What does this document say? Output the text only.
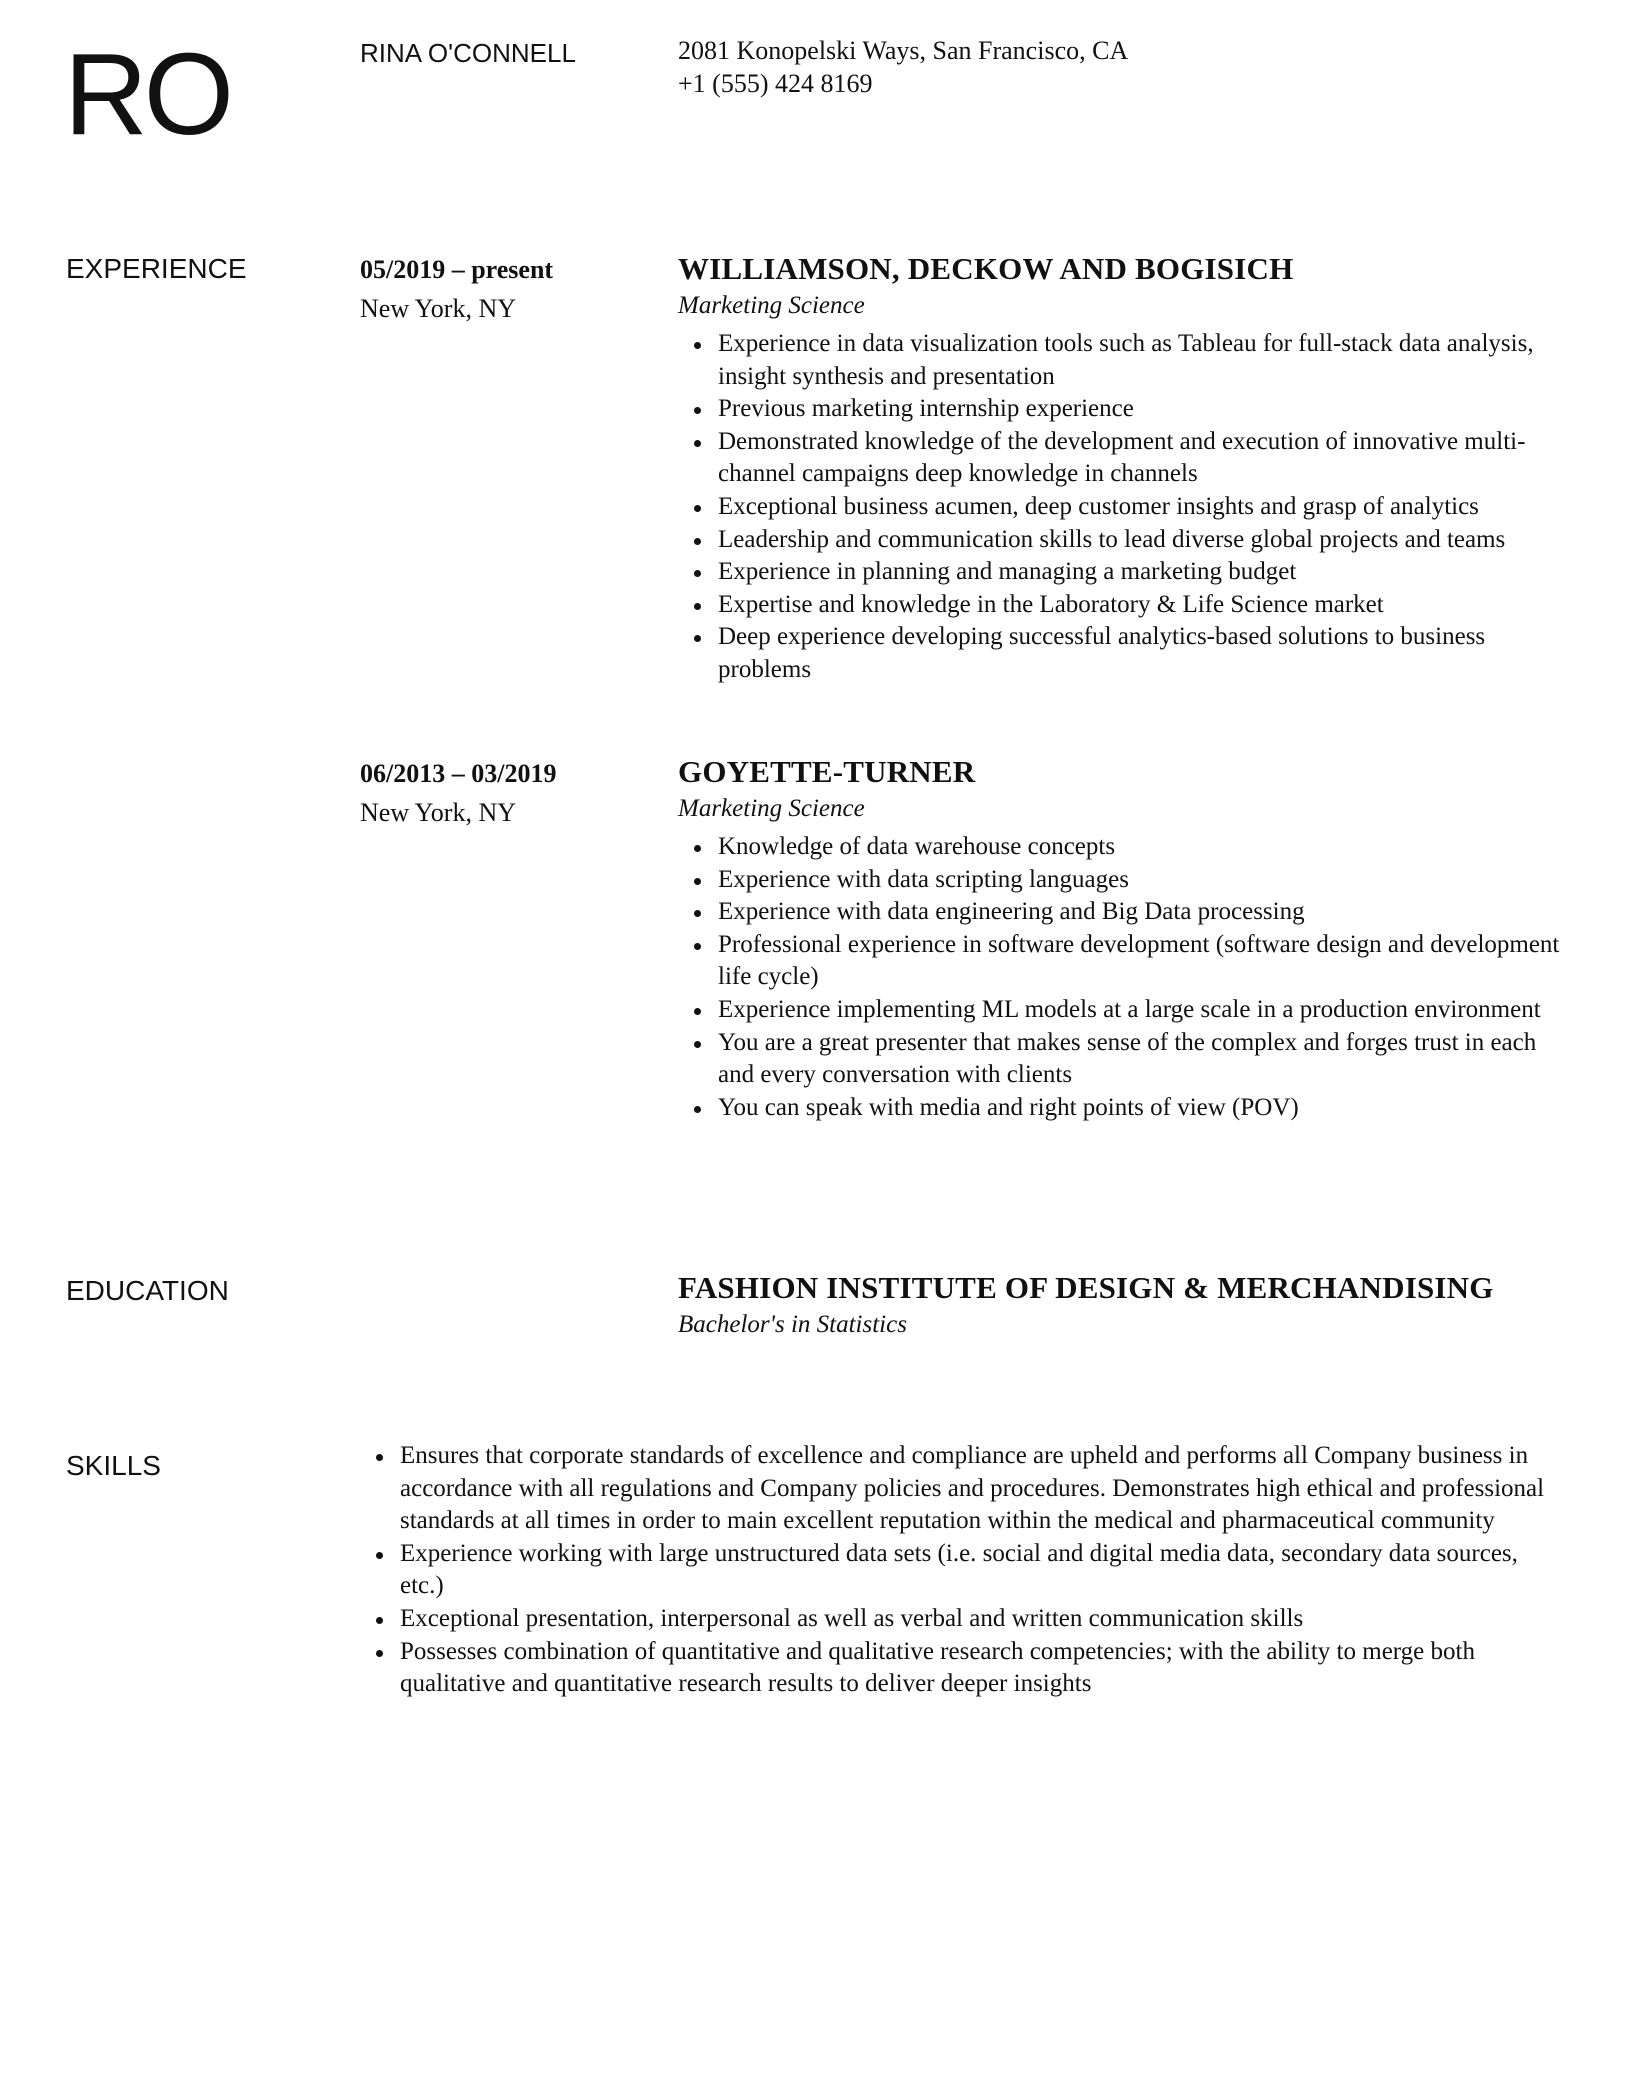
RO	RINA O'CONNELL	2081 Konopelski Ways, San Francisco, CA
+1 (555) 424 8169
EXPERIENCE	05/2019 – present
New York, NY
WILLIAMSON, DECKOW AND BOGISICH
Marketing Science
Experience in data visualization tools such as Tableau for full-stack data analysis, insight synthesis and presentation
Previous marketing internship experience
Demonstrated knowledge of the development and execution of innovative multi-channel campaigns deep knowledge in channels
Exceptional business acumen, deep customer insights and grasp of analytics
Leadership and communication skills to lead diverse global projects and teams
Experience in planning and managing a marketing budget
Expertise and knowledge in the Laboratory & Life Science market
Deep experience developing successful analytics-based solutions to business problems
06/2013 – 03/2019
New York, NY
GOYETTE-TURNER
Marketing Science
Knowledge of data warehouse concepts
Experience with data scripting languages
Experience with data engineering and Big Data processing
Professional experience in software development (software design and development life cycle)
Experience implementing ML models at a large scale in a production environment
You are a great presenter that makes sense of the complex and forges trust in each and every conversation with clients
You can speak with media and right points of view (POV)
EDUCATION	FASHION INSTITUTE OF DESIGN & MERCHANDISING
Bachelor's in Statistics
SKILLS	Ensures that corporate standards of excellence and compliance are upheld and performs all Company business in accordance with all regulations and Company policies and procedures. Demonstrates high ethical and professional standards at all times in order to main excellent reputation within the medical and pharmaceutical community
Experience working with large unstructured data sets (i.e. social and digital media data, secondary data sources, etc.)
Exceptional presentation, interpersonal as well as verbal and written communication skills
Possesses combination of quantitative and qualitative research competencies; with the ability to merge both qualitative and quantitative research results to deliver deeper insights
